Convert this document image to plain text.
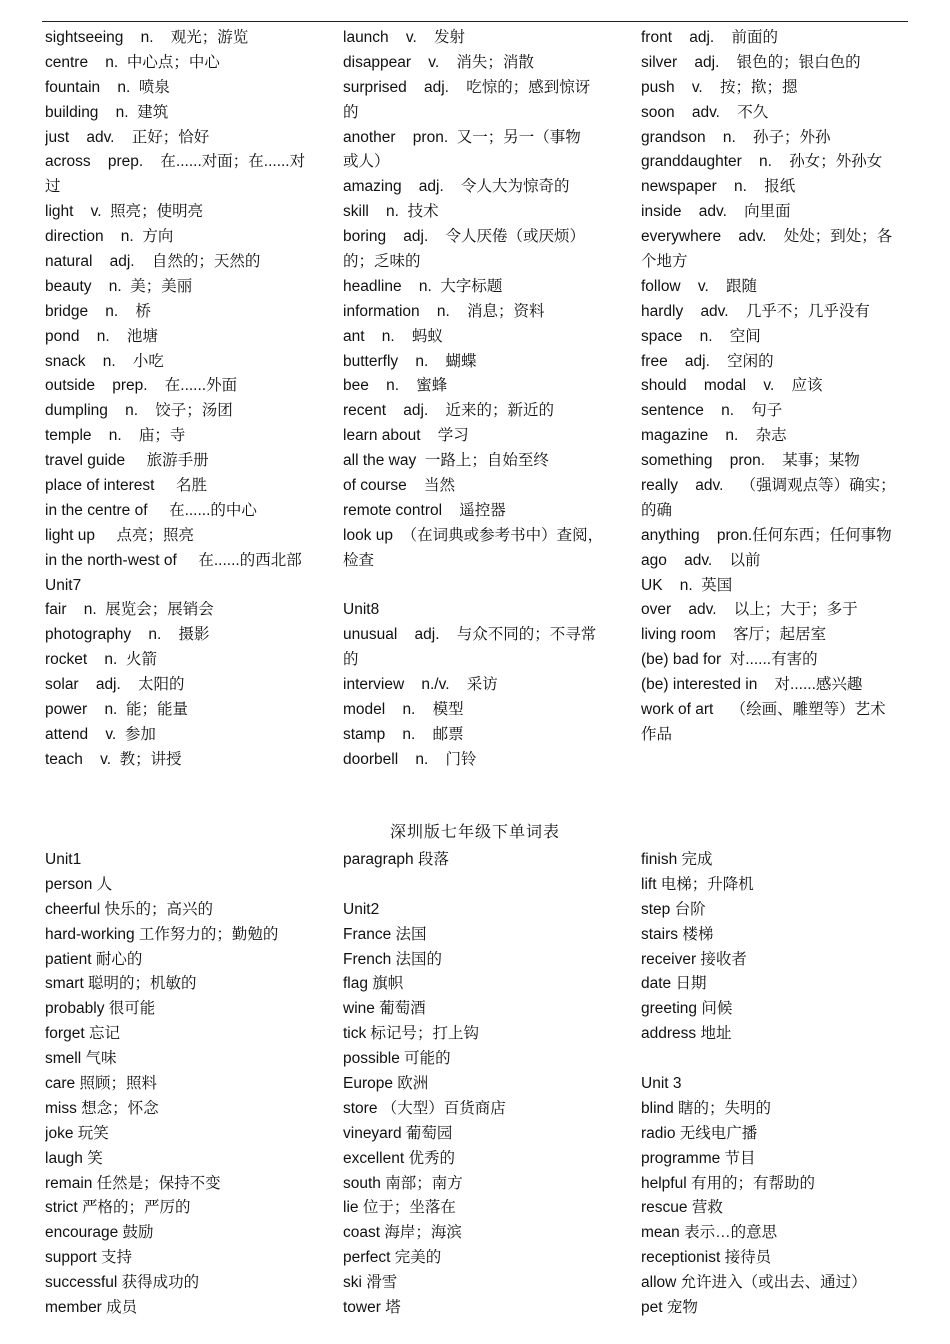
sightseeing    n.    观光；游览
centre    n.  中心点；中心
fountain    n.  喷泉
building    n.  建筑
just    adv.    正好；恰好
across    prep.    在......对面；在......对
过
light    v.  照亮；使明亮
direction    n.  方向
natural    adj.    自然的；天然的
beauty    n.  美；美丽
bridge    n.    桥
pond    n.    池塘
snack    n.    小吃
outside    prep.    在......外面
dumpling    n.    饺子；汤团
temple    n.    庙；寺
travel guide     旅游手册
place of interest     名胜
in the centre of     在......的中心
light up     点亮；照亮
in the north-west of     在......的西北部
Unit7
fair    n.  展览会；展销会
photography    n.    摄影
rocket    n.  火箭
solar    adj.    太阳的
power    n.  能；能量
attend    v.  参加
teach    v.  教；讲授
launch    v.    发射
disappear    v.    消失；消散
surprised    adj.    吃惊的；感到惊讶
的
another    pron.  又一；另一（事物
或人）
amazing    adj.    令人大为惊奇的
skill    n.  技术
boring    adj.    令人厌倦（或厌烦）
的；乏味的
headline    n.  大字标题
information    n.    消息；资料
ant    n.    蚂蚁
butterfly    n.    蝴蝶
bee    n.    蜜蜂
recent    adj.    近来的；新近的
learn about    学习
all the way  一路上；自始至终
of course    当然
remote control    遥控器
look up  （在词典或参考书中）查阅，
检查
Unit8
unusual    adj.    与众不同的；不寻常
的
interview    n./v.    采访
model    n.    模型
stamp    n.    邮票
doorbell    n.    门铃
front    adj.    前面的
silver    adj.    银色的；银白色的
push    v.    按；揿；摁
soon    adv.    不久
grandson    n.    孙子；外孙
granddaughter    n.    孙女；外孙女
newspaper    n.    报纸
inside    adv.    向里面
everywhere    adv.    处处；到处；各
个地方
follow    v.    跟随
hardly    adv.    几乎不；几乎没有
space    n.    空间
free    adj.    空闲的
should    modal    v.    应该
sentence    n.    句子
magazine    n.    杂志
something    pron.    某事；某物
really    adv.    （强调观点等）确实；
的确
anything    pron.任何东西；任何事物
ago    adv.    以前
UK    n.  英国
over    adv.    以上；大于；多于
living room    客厅；起居室
(be) bad for  对......有害的
(be) interested in    对......感兴趣
work of art    （绘画、雕塑等）艺术
作品
深圳版七年级下单词表
Unit1
person 人
cheerful 快乐的；高兴的
hard-working 工作努力的；勤勉的
patient 耐心的
smart 聪明的；机敏的
probably 很可能
forget 忘记
smell 气味
care 照顾；照料
miss 想念；怀念
joke 玩笑
laugh 笑
remain 任然是；保持不变
strict 严格的；严厉的
encourage 鼓励
support 支持
successful 获得成功的
member 成员
paragraph 段落
Unit2
France 法国
French 法国的
flag 旗帜
wine 葡萄酒
tick 标记号；打上钩
possible 可能的
Europe 欧洲
store （大型）百货商店
vineyard 葡萄园
excellent 优秀的
south 南部；南方
lie 位于；坐落在
coast 海岸；海滨
perfect 完美的
ski 滑雪
tower 塔
finish 完成
lift 电梯；升降机
step 台阶
stairs 楼梯
receiver 接收者
date 日期
greeting 问候
address 地址
Unit 3
blind 瞎的；失明的
radio 无线电广播
programme 节目
helpful 有用的；有帮助的
rescue 营救
mean 表示…的意思
receptionist 接待员
allow 允许进入（或出去、通过）
pet 宠物
